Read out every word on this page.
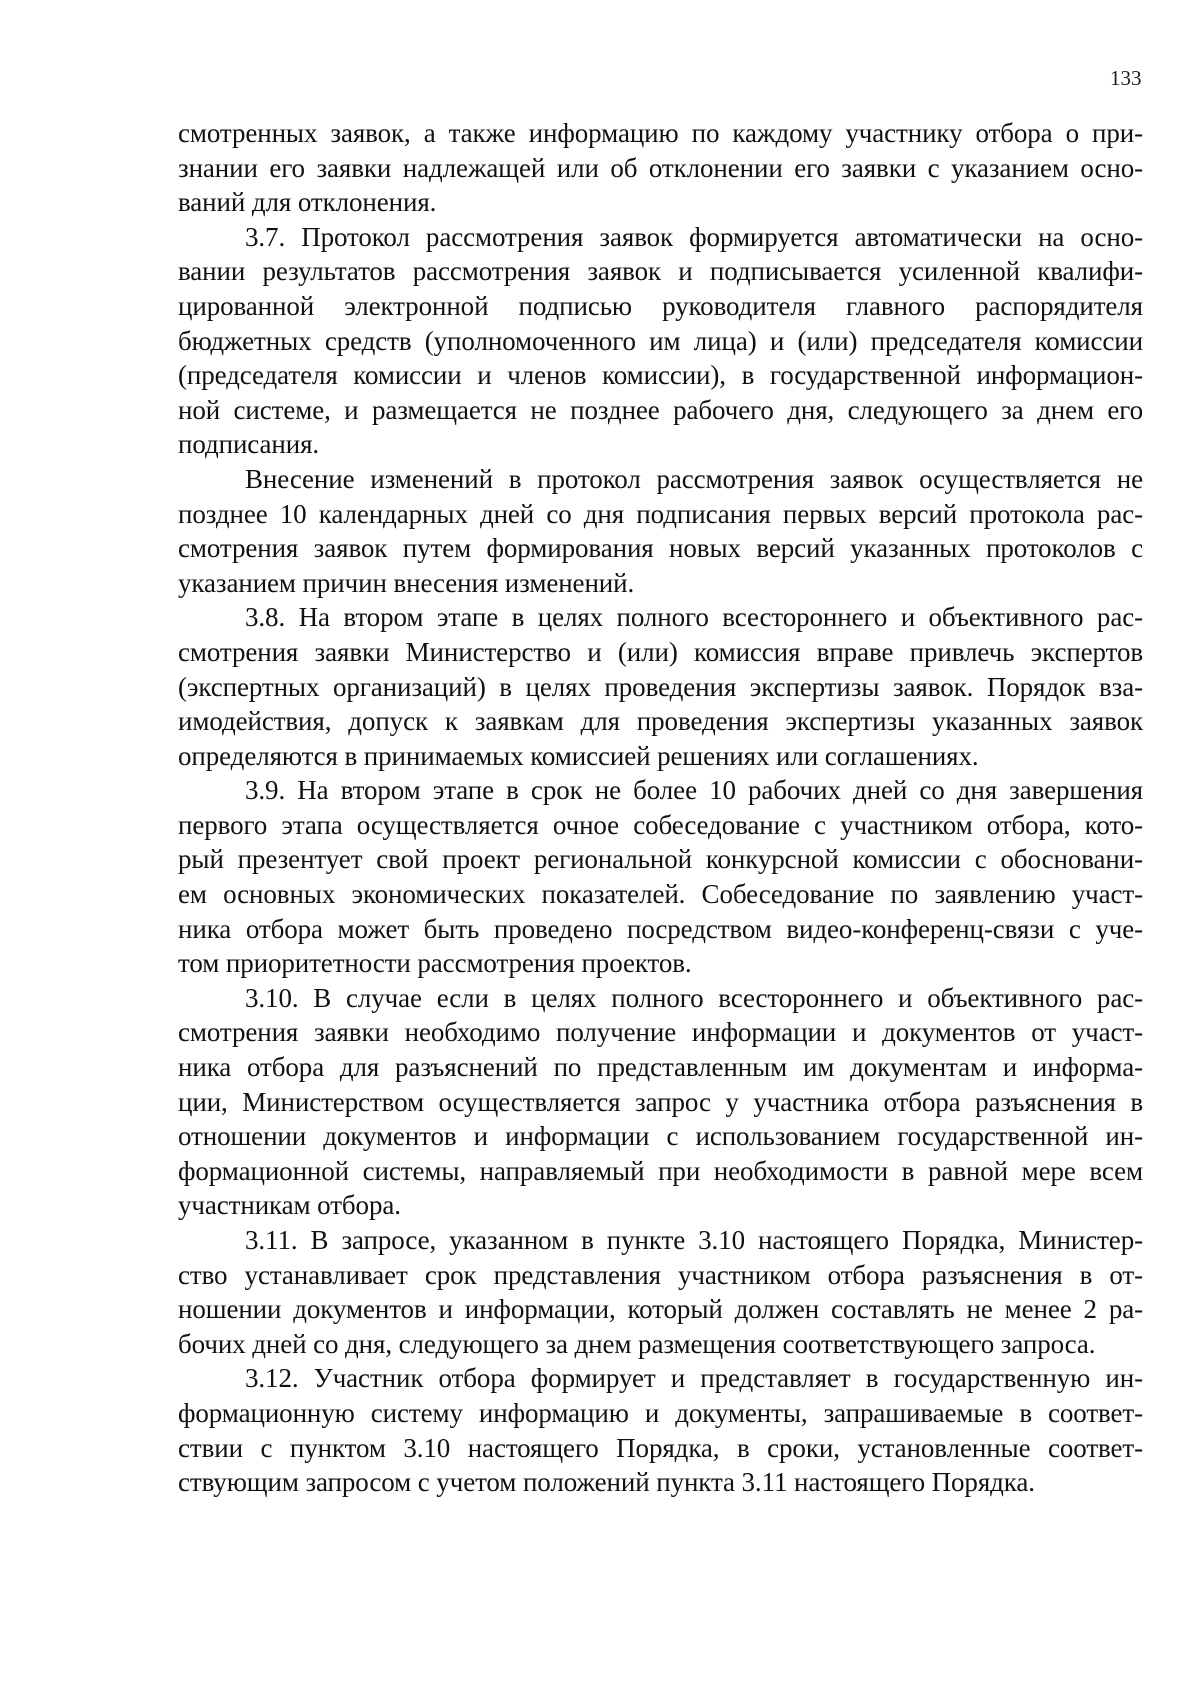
133
смотренных заявок, а также информацию по каждому участнику отбора о при-
знании его заявки надлежащей или об отклонении его заявки с указанием осно-
ваний для отклонения.
3.7. Протокол рассмотрения заявок формируется автоматически на осно-
вании результатов рассмотрения заявок и подписывается усиленной квалифи-
цированной электронной подписью руководителя главного распорядителя
бюджетных средств (уполномоченного им лица) и (или) председателя комиссии
(председателя комиссии и членов комиссии), в государственной информацион-
ной системе, и размещается не позднее рабочего дня, следующего за днем его
подписания.
Внесение изменений в протокол рассмотрения заявок осуществляется не
позднее 10 календарных дней со дня подписания первых версий протокола рас-
смотрения заявок путем формирования новых версий указанных протоколов с
указанием причин внесения изменений.
3.8. На втором этапе в целях полного всестороннего и объективного рас-
смотрения заявки Министерство и (или) комиссия вправе привлечь экспертов
(экспертных организаций) в целях проведения экспертизы заявок. Порядок вза-
имодействия, допуск к заявкам для проведения экспертизы указанных заявок
определяются в принимаемых комиссией решениях или соглашениях.
3.9. На втором этапе в срок не более 10 рабочих дней со дня завершения
первого этапа осуществляется очное собеседование с участником отбора, кото-
рый презентует свой проект региональной конкурсной комиссии с обосновани-
ем основных экономических показателей. Собеседование по заявлению участ-
ника отбора может быть проведено посредством видео-конференц-связи с уче-
том приоритетности рассмотрения проектов.
3.10. В случае если в целях полного всестороннего и объективного рас-
смотрения заявки необходимо получение информации и документов от участ-
ника отбора для разъяснений по представленным им документам и информа-
ции, Министерством осуществляется запрос у участника отбора разъяснения в
отношении документов и информации с использованием государственной ин-
формационной системы, направляемый при необходимости в равной мере всем
участникам отбора.
3.11. В запросе, указанном в пункте 3.10 настоящего Порядка, Министер-
ство устанавливает срок представления участником отбора разъяснения в от-
ношении документов и информации, который должен составлять не менее 2 ра-
бочих дней со дня, следующего за днем размещения соответствующего запроса.
3.12. Участник отбора формирует и представляет в государственную ин-
формационную систему информацию и документы, запрашиваемые в соответ-
ствии с пунктом 3.10 настоящего Порядка, в сроки, установленные соответ-
ствующим запросом с учетом положений пункта 3.11 настоящего Порядка.
